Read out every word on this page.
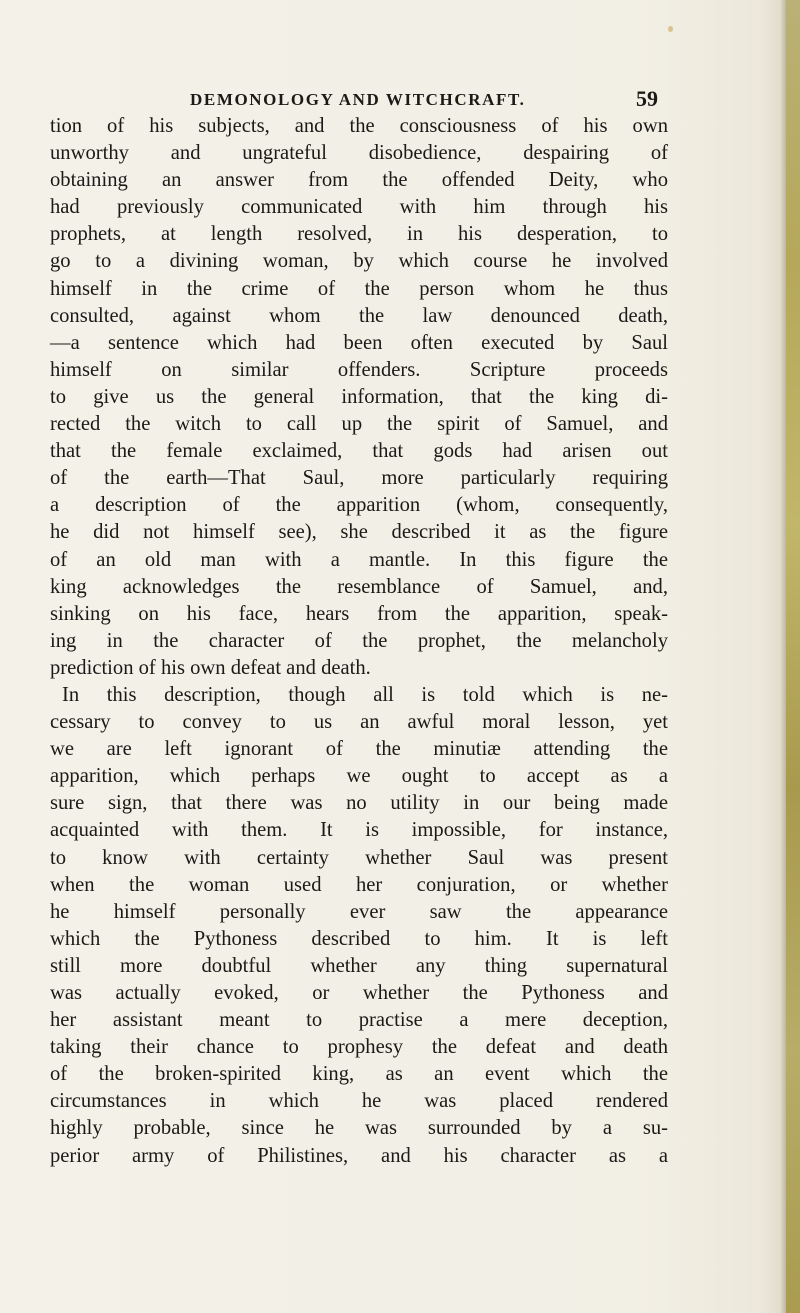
DEMONOLOGY AND WITCHCRAFT.	59
tion of his subjects, and the consciousness of his own
unworthy and ungrateful disobedience, despairing of
obtaining an answer from the offended Deity, who
had previously communicated with him through his
prophets, at length resolved, in his desperation, to
go to a divining woman, by which course he involved
himself in the crime of the person whom he thus
consulted, against whom the law denounced death,
—a sentence which had been often executed by Saul
himself on similar offenders. Scripture proceeds
to give us the general information, that the king di-
rected the witch to call up the spirit of Samuel, and
that the female exclaimed, that gods had arisen out
of the earth—That Saul, more particularly requiring
a description of the apparition (whom, consequently,
he did not himself see), she described it as the figure
of an old man with a mantle. In this figure the
king acknowledges the resemblance of Samuel, and,
sinking on his face, hears from the apparition, speak-
ing in the character of the prophet, the melancholy
prediction of his own defeat and death.
In this description, though all is told which is ne-
cessary to convey to us an awful moral lesson, yet
we are left ignorant of the minutiæ attending the
apparition, which perhaps we ought to accept as a
sure sign, that there was no utility in our being made
acquainted with them. It is impossible, for instance,
to know with certainty whether Saul was present
when the woman used her conjuration, or whether
he himself personally ever saw the appearance
which the Pythoness described to him. It is left
still more doubtful whether any thing supernatural
was actually evoked, or whether the Pythoness and
her assistant meant to practise a mere deception,
taking their chance to prophesy the defeat and death
of the broken-spirited king, as an event which the
circumstances in which he was placed rendered
highly probable, since he was surrounded by a su-
perior army of Philistines, and his character as a
